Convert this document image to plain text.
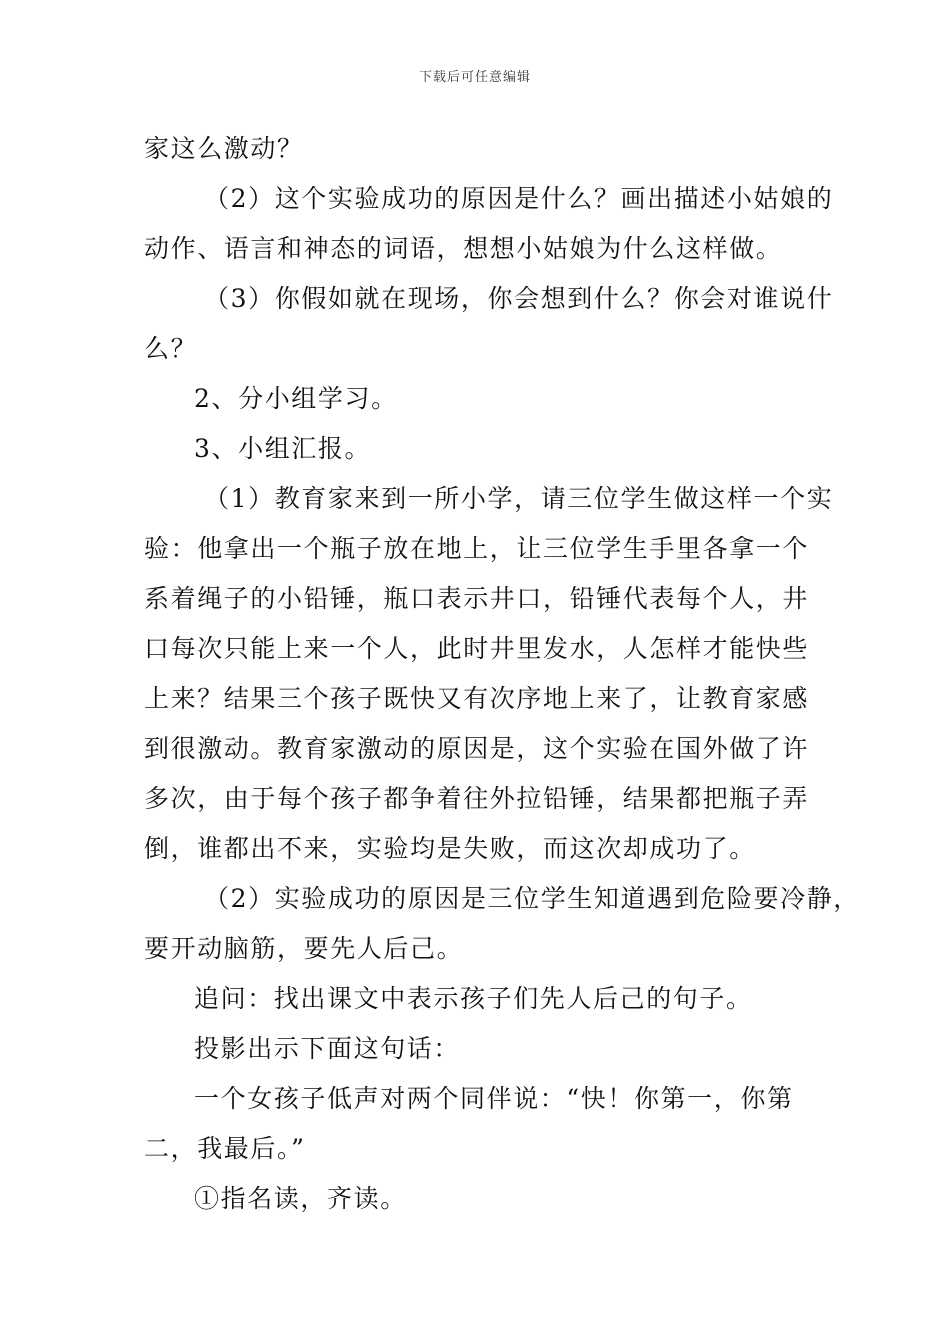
下载后可任意编辑
家这么激动？
（2）这个实验成功的原因是什么？画出描述小姑娘的
动作、语言和神态的词语，想想小姑娘为什么这样做。
（3）你假如就在现场，你会想到什么？你会对谁说什
么？
2、分小组学习。
3、小组汇报。
（1）教育家来到一所小学，请三位学生做这样一个实
验：他拿出一个瓶子放在地上，让三位学生手里各拿一个
系着绳子的小铅锤，瓶口表示井口，铅锤代表每个人，井
口每次只能上来一个人，此时井里发水，人怎样才能快些
上来？结果三个孩子既快又有次序地上来了，让教育家感
到很激动。教育家激动的原因是，这个实验在国外做了许
多次，由于每个孩子都争着往外拉铅锤，结果都把瓶子弄
倒，谁都出不来，实验均是失败，而这次却成功了。
（2）实验成功的原因是三位学生知道遇到危险要冷静，
要开动脑筋，要先人后己。
追问：找出课文中表示孩子们先人后己的句子。
投影出示下面这句话：
一个女孩子低声对两个同伴说：“快！你第一，你第
二，我最后。”
①指名读，齐读。
